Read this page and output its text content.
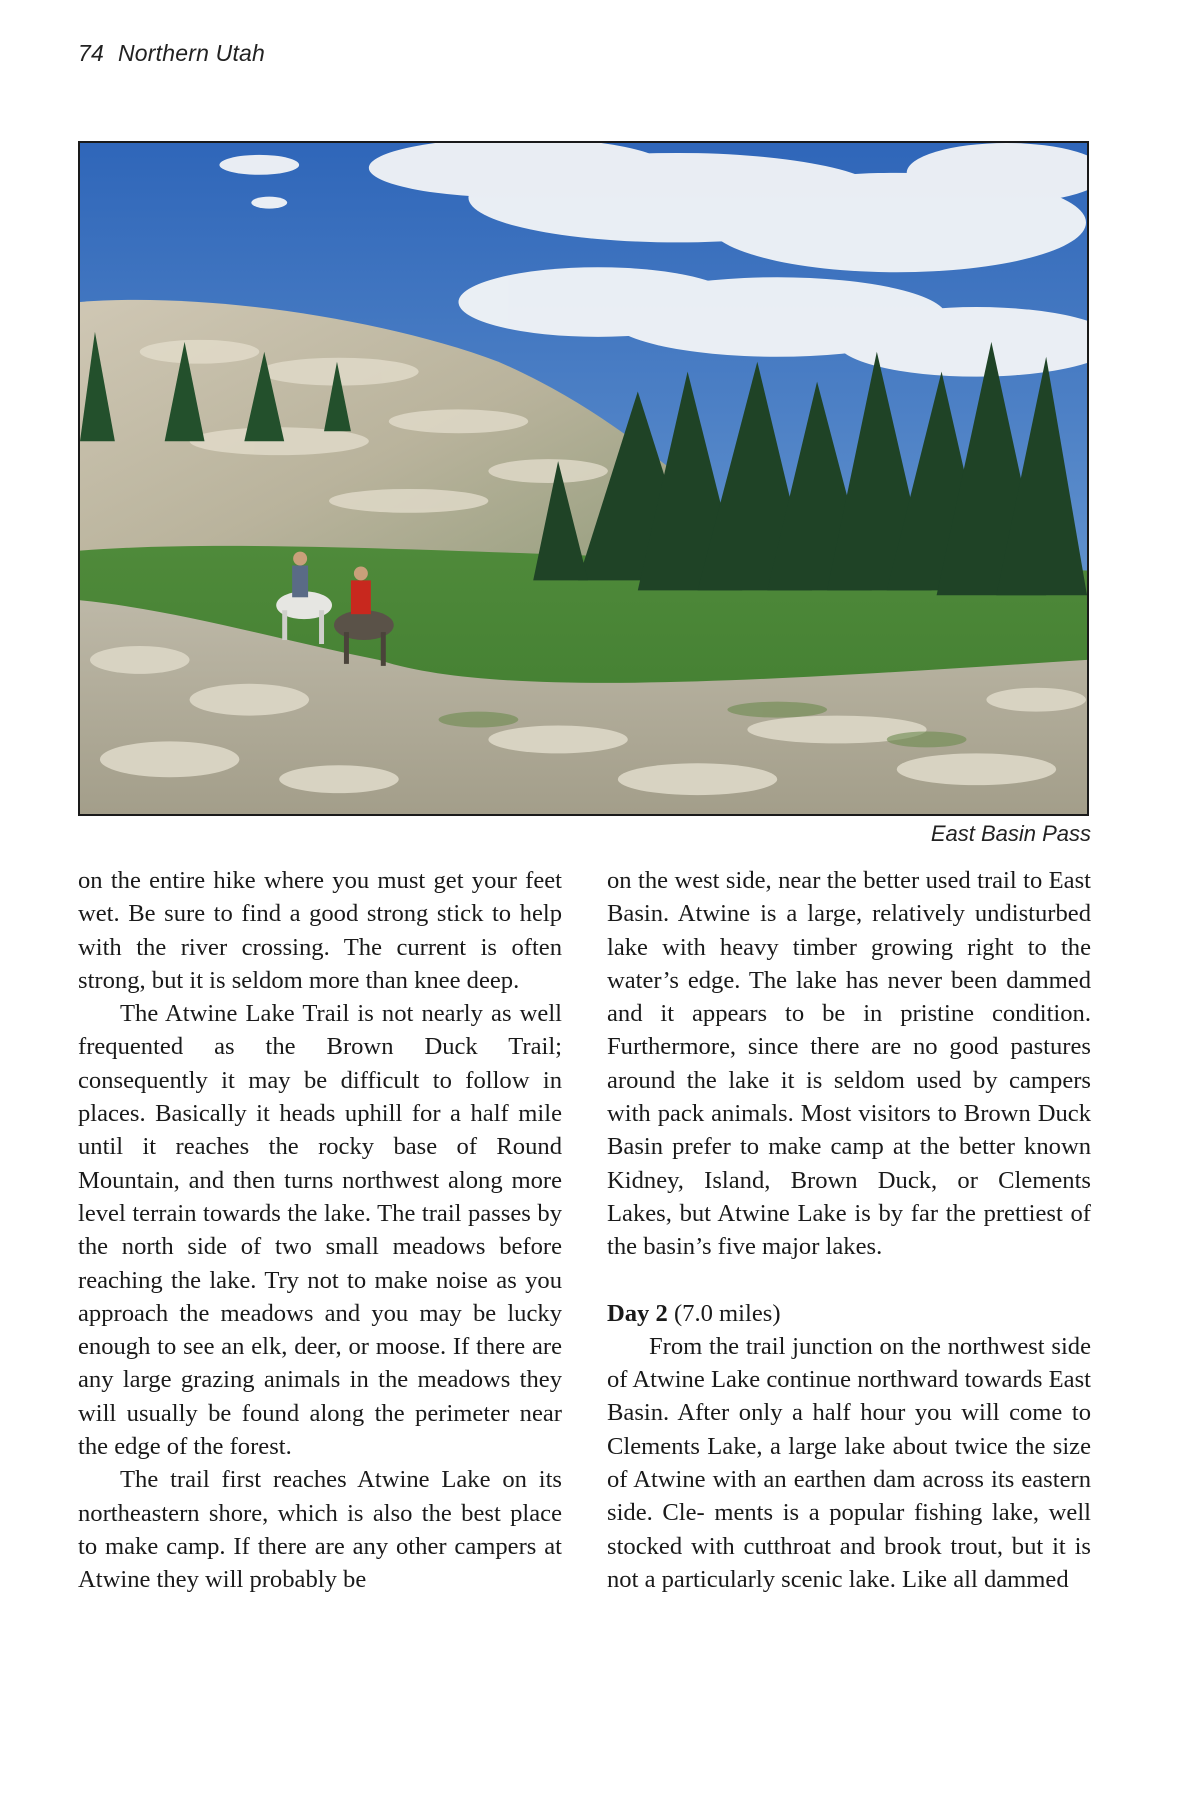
74 Northern Utah
East Basin Pass

on the entire hike where you must get your feet wet. Be sure to find a good strong stick to help with the river crossing. The current is often strong, but it is seldom more than knee deep.

The Atwine Lake Trail is not nearly as well frequented as the Brown Duck Trail; consequently it may be difficult to follow in places. Basically it heads uphill for a half mile until it reaches the rocky base of Round Mountain, and then turns northwest along more level terrain towards the lake. The trail passes by the north side of two small meadows before reaching the lake. Try not to make noise as you approach the meadows and you may be lucky enough to see an elk, deer, or moose. If there are any large grazing animals in the meadows they will usually be found along the perimeter near the edge of the forest.

The trail first reaches Atwine Lake on its northeastern shore, which is also the best place to make camp. If there are any other campers at Atwine they will probably be

on the west side, near the better used trail to East Basin. Atwine is a large, relatively undisturbed lake with heavy timber growing right to the water’s edge. The lake has never been dammed and it appears to be in pristine condition. Furthermore, since there are no good pastures around the lake it is seldom used by campers with pack animals. Most visitors to Brown Duck Basin prefer to make camp at the better known Kidney, Island, Brown Duck, or Clements Lakes, but Atwine Lake is by far the prettiest of the basin’s five major lakes.

Day 2 (7.0 miles)

From the trail junction on the northwest side of Atwine Lake continue northward towards East Basin. After only a half hour you will come to Clements Lake, a large lake about twice the size of Atwine with an earthen dam across its eastern side. Cle- ments is a popular fishing lake, well stocked with cutthroat and brook trout, but it is not a particularly scenic lake. Like all dammed
